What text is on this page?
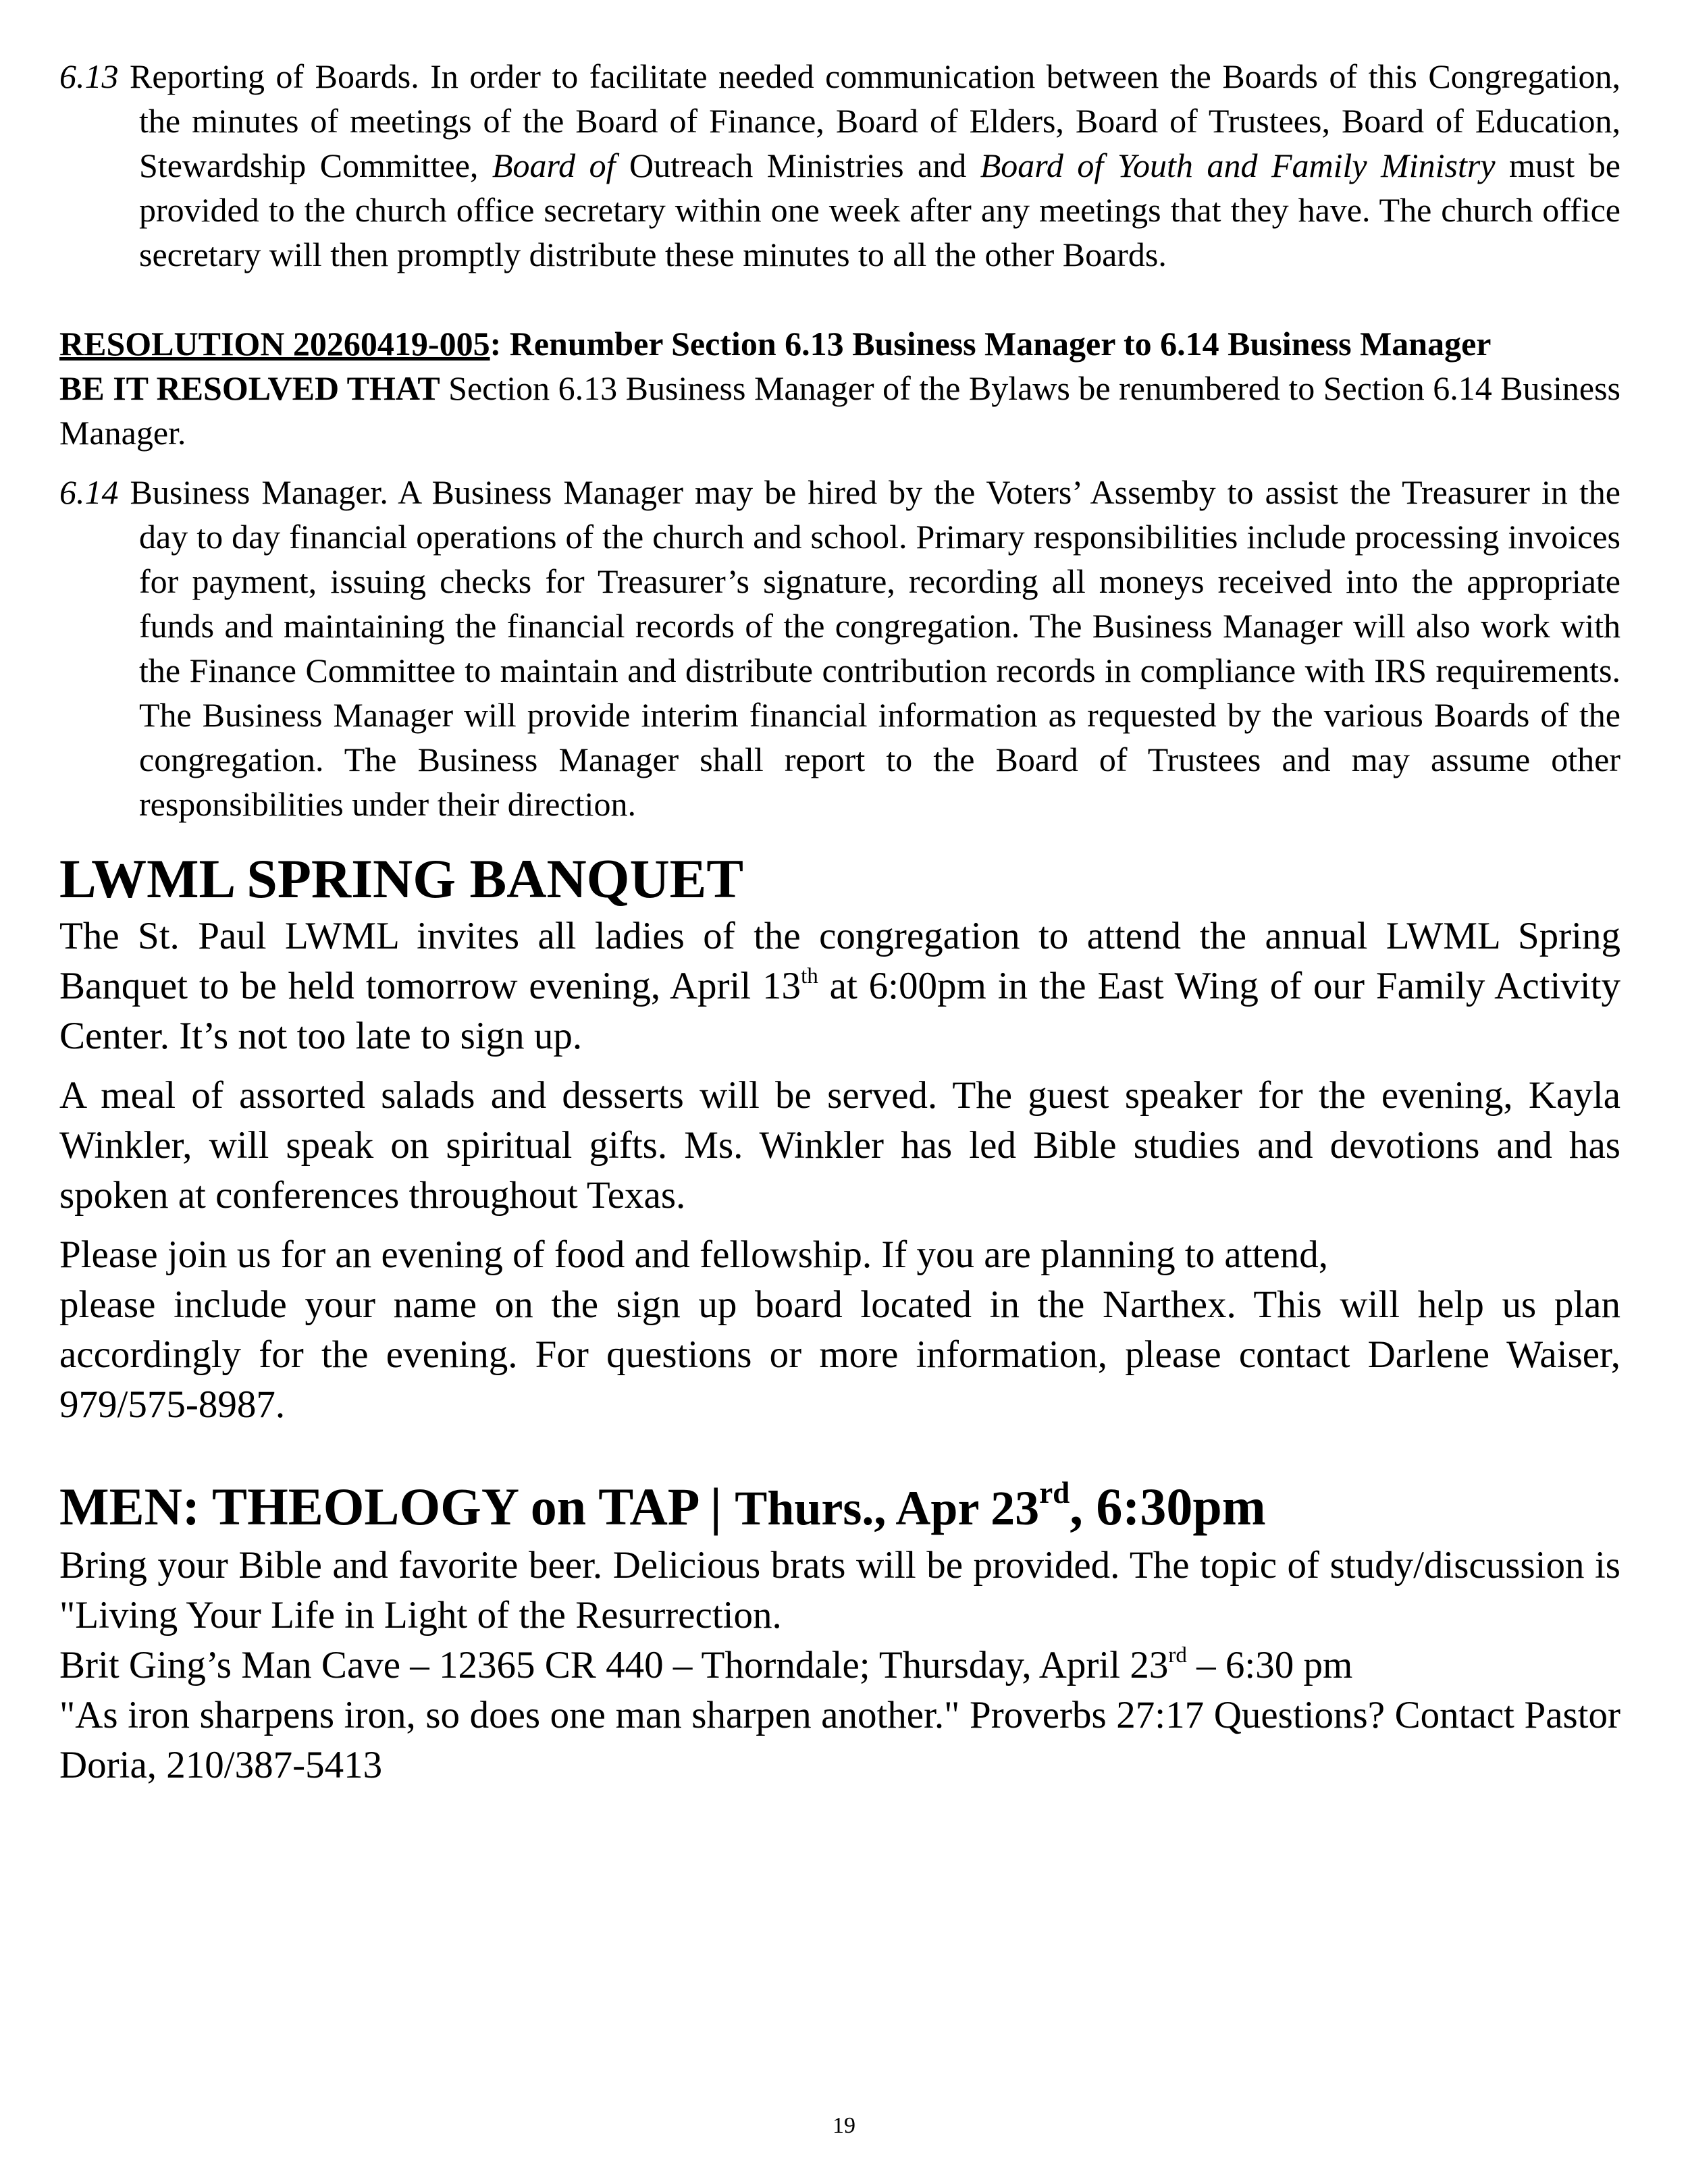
6.13 Reporting of Boards. In order to facilitate needed communication between the Boards of this Congregation, the minutes of meetings of the Board of Finance, Board of Elders, Board of Trustees, Board of Education, Stewardship Committee, Board of Outreach Ministries and Board of Youth and Family Ministry must be provided to the church office secretary within one week after any meetings that they have. The church office secretary will then promptly distribute these minutes to all the other Boards.
RESOLUTION 20260419-005: Renumber Section 6.13 Business Manager to 6.14 Business Manager
BE IT RESOLVED THAT Section 6.13 Business Manager of the Bylaws be renumbered to Section 6.14 Business Manager.
6.14 Business Manager. A Business Manager may be hired by the Voters’ Assemby to assist the Treasurer in the day to day financial operations of the church and school. Primary responsibilities include processing invoices for payment, issuing checks for Treasurer’s signature, recording all moneys received into the appropriate funds and maintaining the financial records of the congregation. The Business Manager will also work with the Finance Committee to maintain and distribute contribution records in compliance with IRS requirements. The Business Manager will provide interim financial information as requested by the various Boards of the congregation. The Business Manager shall report to the Board of Trustees and may assume other responsibilities under their direction.
LWML SPRING BANQUET

The St. Paul LWML invites all ladies of the congregation to attend the annual LWML Spring Banquet to be held tomorrow evening, April 13th at 6:00pm in the East Wing of our Family Activity Center. It’s not too late to sign up.

A meal of assorted salads and desserts will be served. The guest speaker for the evening, Kayla Winkler, will speak on spiritual gifts. Ms. Winkler has led Bible studies and devotions and has spoken at conferences throughout Texas.

Please join us for an evening of food and fellowship. If you are planning to attend,
please include your name on the sign up board located in the Narthex. This will help us plan accordingly for the evening. For questions or more information, please contact Darlene Waiser, 979/575-8987.

MEN: THEOLOGY on TAP | Thurs., Apr 23rd, 6:30pm

Bring your Bible and favorite beer. Delicious brats will be provided. The topic of study/discussion is "Living Your Life in Light of the Resurrection.

Brit Ging’s Man Cave – 12365 CR 440 – Thorndale; Thursday, April 23rd – 6:30 pm

"As iron sharpens iron, so does one man sharpen another." Proverbs 27:17 Questions? Contact Pastor Doria, 210/387-5413

19
